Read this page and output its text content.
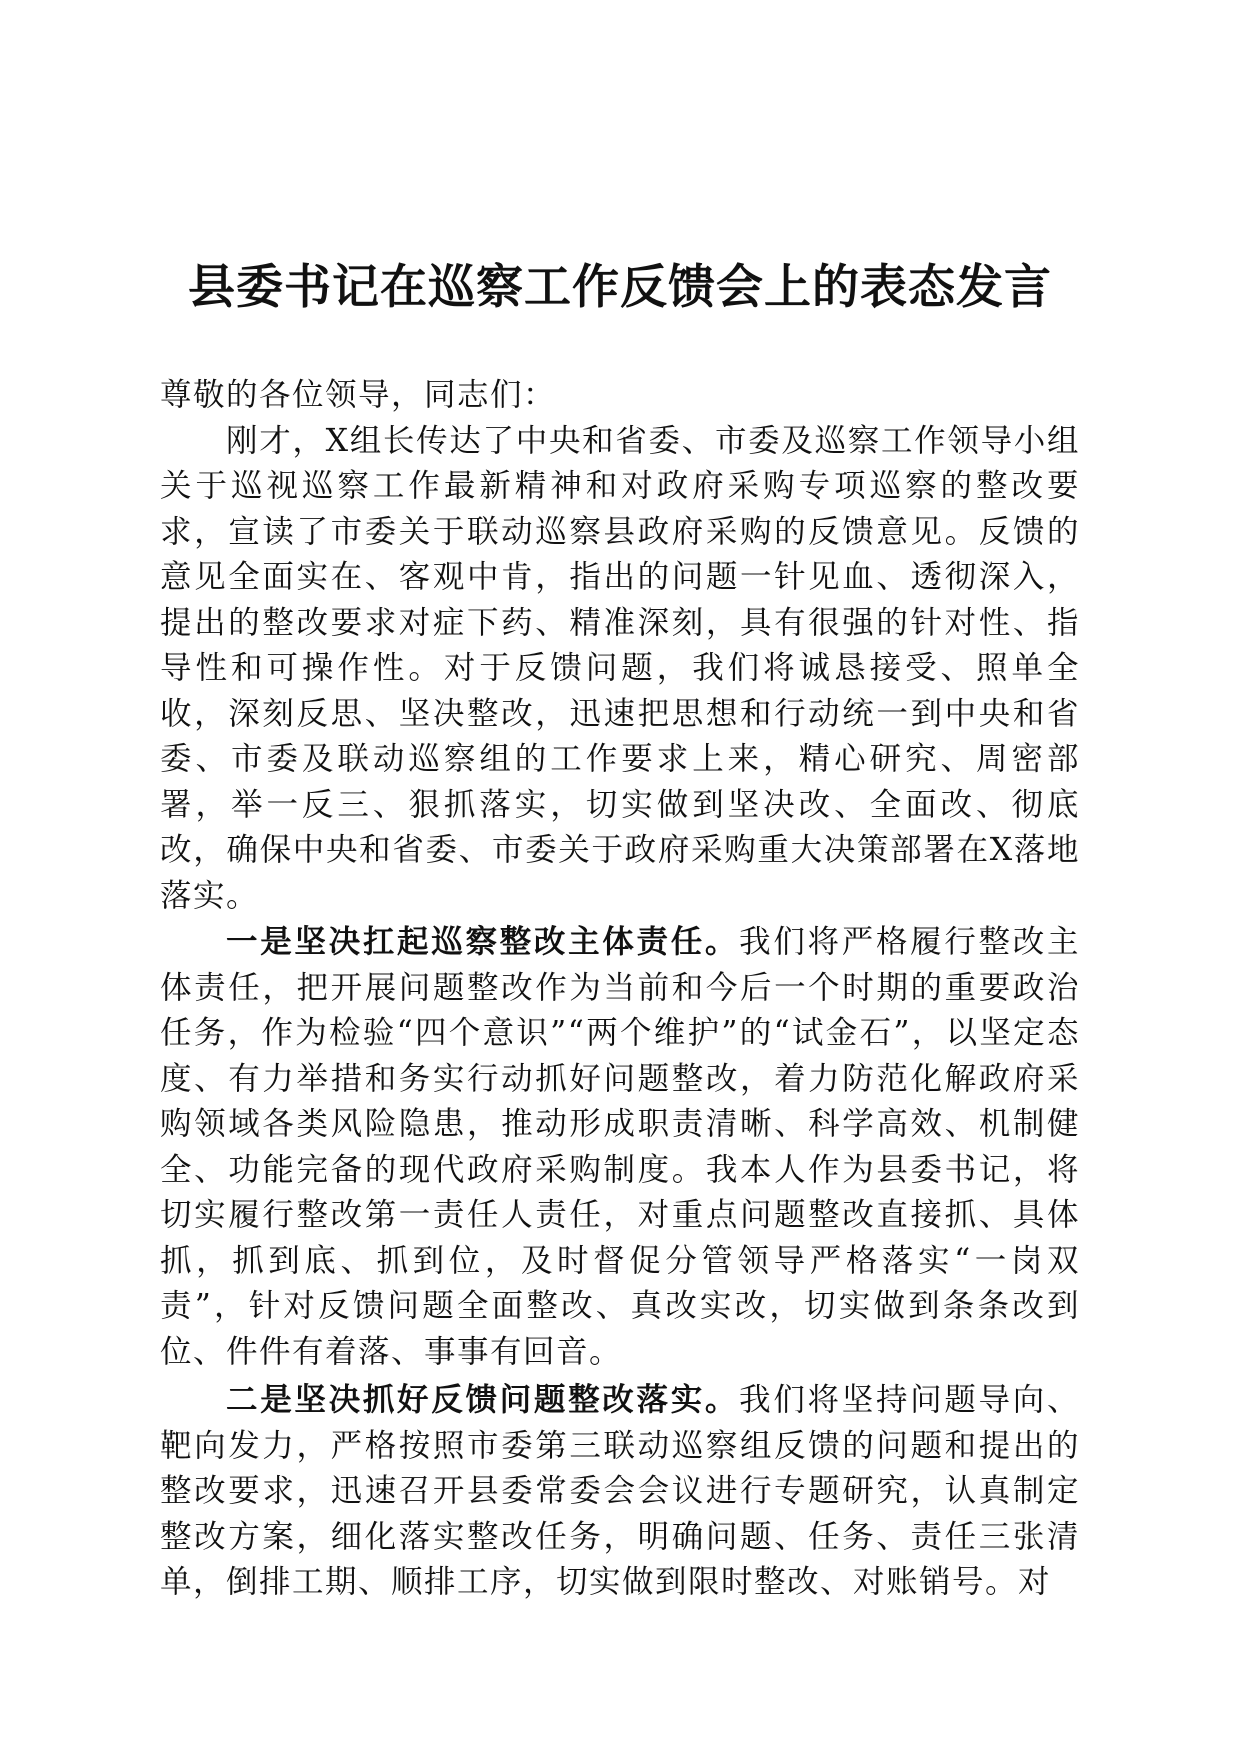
县委书记在巡察工作反馈会上的表态发言

尊敬的各位领导，同志们：

刚才，X组长传达了中央和省委、市委及巡察工作领导小组关于巡视巡察工作最新精神和对政府采购专项巡察的整改要求，宣读了市委关于联动巡察县政府采购的反馈意见。反馈的意见全面实在、客观中肯，指出的问题一针见血、透彻深入，提出的整改要求对症下药、精准深刻，具有很强的针对性、指导性和可操作性。对于反馈问题，我们将诚恳接受、照单全收，深刻反思、坚决整改，迅速把思想和行动统一到中央和省委、市委及联动巡察组的工作要求上来，精心研究、周密部署，举一反三、狠抓落实，切实做到坚决改、全面改、彻底改，确保中央和省委、市委关于政府采购重大决策部署在X落地落实。

一是坚决扛起巡察整改主体责任。我们将严格履行整改主体责任，把开展问题整改作为当前和今后一个时期的重要政治任务，作为检验“四个意识”“两个维护”的“试金石”，以坚定态度、有力举措和务实行动抓好问题整改，着力防范化解政府采购领域各类风险隐患，推动形成职责清晰、科学高效、机制健全、功能完备的现代政府采购制度。我本人作为县委书记，将切实履行整改第一责任人责任，对重点问题整改直接抓、具体抓，抓到底、抓到位，及时督促分管领导严格落实“一岗双责”，针对反馈问题全面整改、真改实改，切实做到条条改到位、件件有着落、事事有回音。

二是坚决抓好反馈问题整改落实。我们将坚持问题导向、靶向发力，严格按照市委第三联动巡察组反馈的问题和提出的整改要求，迅速召开县委常委会会议进行专题研究，认真制定整改方案，细化落实整改任务，明确问题、任务、责任三张清单，倒排工期、顺排工序，切实做到限时整改、对账销号。对
